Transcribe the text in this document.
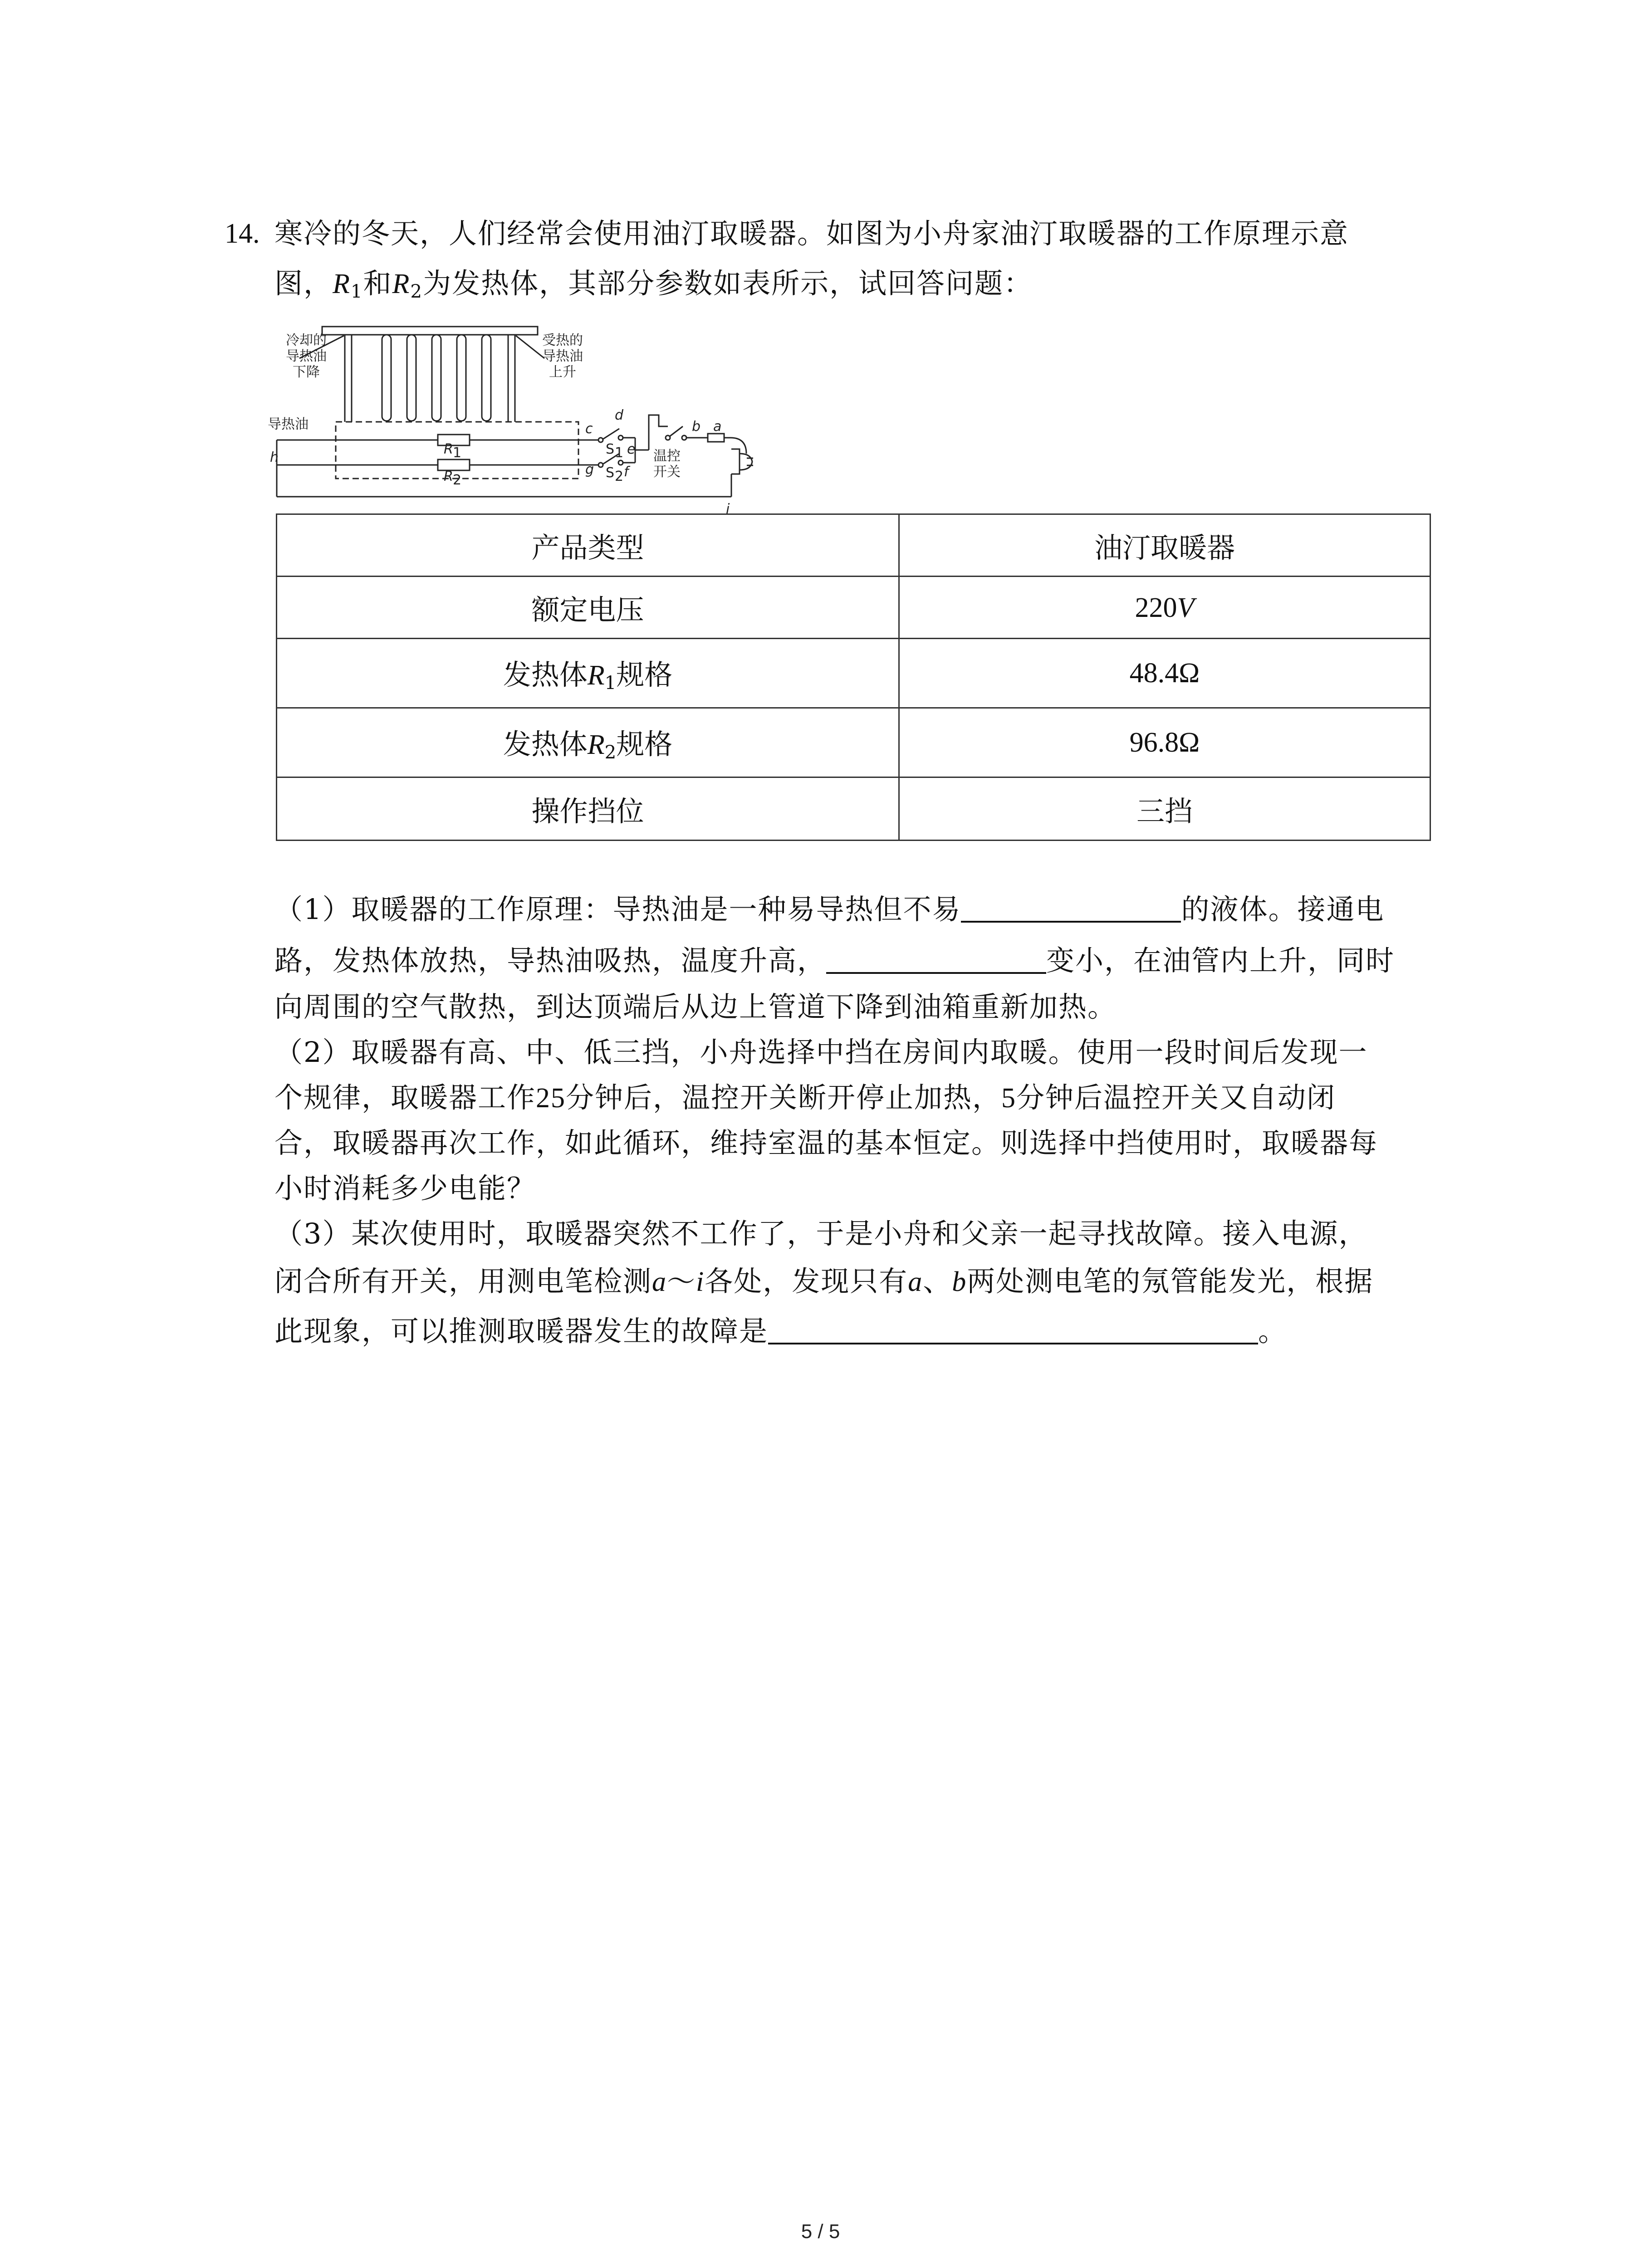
14. 寒冷的冬天，人们经常会使用油汀取暖器。如图为小舟家油汀取暖器的工作原理示意
图，$R_1$和$R_2$为发热体，其部分参数如表所示，试回答问题：
冷却的
导热油
下降
受热的
导热油
上升
导热油
h
R 1
R 2
c
d
e
g f
S 1
S 2
b a
i
温控
开关
产品类型	油汀取暖器
额定电压	220V
发热体$R_1$规格	48.4Ω
发热体$R_2$规格	96.8Ω
操作挡位	三挡
（1）取暖器的工作原理：导热油是一种易导热但不易	的液体。接通电
路，发热体放热，导热油吸热，温度升高，	变小，在油管内上升，同时
向周围的空气散热，到达顶端后从边上管道下降到油箱重新加热。
（2）取暖器有高、中、低三挡，小舟选择中挡在房间内取暖。使用一段时间后发现一
个规律，取暖器工作25分钟后，温控开关断开停止加热，5分钟后温控开关又自动闭
合，取暖器再次工作，如此循环，维持室温的基本恒定。则选择中挡使用时，取暖器每
小时消耗多少电能？
（3）某次使用时，取暖器突然不工作了，于是小舟和父亲一起寻找故障。接入电源，
闭合所有开关，用测电笔检测a～i各处，发现只有a、b两处测电笔的氖管能发光，根据
此现象，可以推测取暖器发生的故障是	。
5 / 5
